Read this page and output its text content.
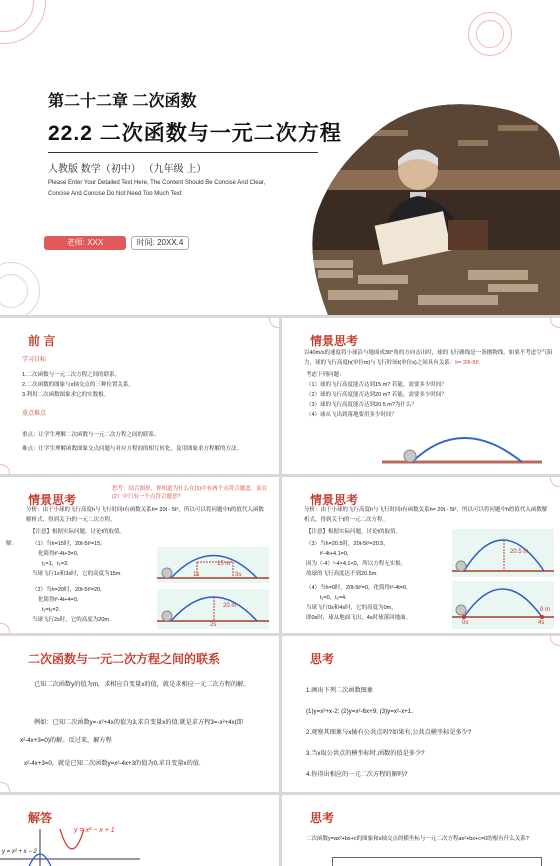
第二十二章 二次函数
22.2 二次函数与一元二次方程
人教版 数学（初中） （九年级 上）
Please Enter Your Detailed Text Here, The Content Should Be Concise And Clear, Concise And Concise Do Not Need Too Much Text
老师: XXX	时间: 20XX.4
前 言
学习目标
1.二次函数与一元二次方程之间的联系。
2.二次函数的图象与x轴交点的三种位置关系。
3.利用二次函数图象求它的实数根。
重点难点
重点：让学生理解二次函数与一元二次方程之间的联系。
难点：让学生理解函数图象交点问题与对应方程间的相互转化，及用图象求方程解的方法。
情景思考
以40m/s的速度将小球沿与地面成30°角的方向击出时，球的飞行路线是一条抛物线。如果不考虑空气阻力，球的飞行高度h(单位m)与飞行时间t(单位s)之间具有关系：h= 20t-5t².
考虑下列问题：
（1）球的飞行高度能否达到15 m? 若能，需要多少时间？
（2）球的飞行高度能否达到20 m? 若能，需要多少时间？
（3）球的飞行高度能否达到20.5 m?为什么？
（4）球从飞出到落地要用多少时间？
情景思考
思考：结合图形，你知道为什么在(1)中有两个点符合题意，而在(2）中只有一个点符合题意?
分析：由于小球的飞行高度h与飞行时间t有函数关系h= 20t - 5t²，所以可以将问题中h的值代入函数解析式，得到关于t的一元二次方程。
【注意】根据实际问题，讨论t的取值。
解：	（1）当h=15时，20t-5t²=15,
化简得t²-4t+3=0,
t₁=1，t₂=3.
当球飞行1s和3s时，它的高度为15m.
（2）当h=20时，20t-5t²=20,
化简得t²-4t+4=0,
t₁=t₂=2.
当球飞行2s时，它的高度为20m.
1s	3s
15 m
2s
20 m
情景思考
分析：由于小球的飞行高度h与飞行时间t有函数关系h= 20t - 5t²，所以可以将问题中h的值代入函数解析式，得到关于t的一元二次方程。
【注意】根据实际问题，讨论t的取值。
（3）当h=20.5时，20t-5t²=20.5,
t²-4t+4.1=0,
因为（-4）²-4×4.1<0，所以方程无实根。
故球的飞行高度达不到20.5m.
（4）当h=0时，20t-5t²=0，化简得t²-4t=0,
t₁=0，t₂=4.
当球飞行0s和4s时，它的高度为0m，
即0s时，球从地面飞出，4s时球落回地面。
20.5 m
0s	4s
0 m
二次函数与一元二次方程之间的联系
已知二次函数y的值为m，求相应自变量x的值，就是求相应一元二次方程的解。
例如：已知二次函数y=-x²+4x的值为3,求自变量x的值.就是求方程3=-x²+4x(即x²-4x+3=0)的解。反过来，解方程
x²-4x+3=0，就是已知二次函数y=x²-4x+3的值为0,求自变量x的值.
思考
1.画出下列二次函数图象
(1)y=x²+x-2; (2)y=x²-6x+9; (3)y=x²-x+1.
2.观察其图象与x轴有公共点吗?如果有,公共点横坐标是多少?
3.当x取公共点的横坐标时,函数的值是多少?
4.你得出相应的一元二次方程的解吗?
解答
y = x² − x + 1
y = x² + x − 2
思考
二次函数y=ax²+bx+c的图象和x轴交点的横坐标与一元二次方程ax²+bx+c=0的根有什么关系?
